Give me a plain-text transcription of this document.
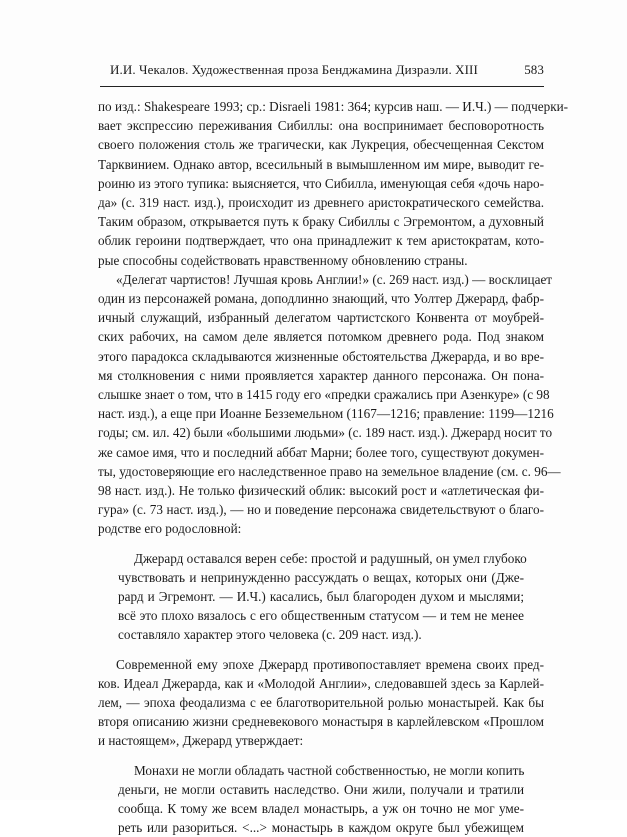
И.И. Чекалов. Художественная проза Бенджамина Дизраэли. XIII	583
по изд.: Shakespeare 1993; ср.: Disraeli 1981: 364; курсив наш. — И.Ч.) — подчерки-
вает экспрессию переживания Сибиллы: она воспринимает бесповоротность
своего положения столь же трагически, как Лукреция, обесчещенная Секстом
Тарквинием. Однако автор, всесильный в вымышленном им мире, выводит ге-
роиню из этого тупика: выясняется, что Сибилла, именующая себя «дочь наро-
да» (с. 319 наст. изд.), происходит из древнего аристократического семейства.
Таким образом, открывается путь к браку Сибиллы с Эгремонтом, а духовный
облик героини подтверждает, что она принадлежит к тем аристократам, кото-
рые способны содействовать нравственному обновлению страны.
«Делегат чартистов! Лучшая кровь Англии!» (с. 269 наст. изд.) — восклицает
один из персонажей романа, доподлинно знающий, что Уолтер Джерард, фабр-
ичный служащий, избранный делегатом чартистского Конвента от моубрей-
ских рабочих, на самом деле является потомком древнего рода. Под знаком
этого парадокса складываются жизненные обстоятельства Джерарда, и во вре-
мя столкновения с ними проявляется характер данного персонажа. Он пона-
слышке знает о том, что в 1415 году его «предки сражались при Азенкуре» (с 98
наст. изд.), а еще при Иоанне Безземельном (1167—1216; правление: 1199—1216
годы; см. ил. 42) были «большими людьми» (с. 189 наст. изд.). Джерард носит то
же самое имя, что и последний аббат Марни; более того, существуют докумен-
ты, удостоверяющие его наследственное право на земельное владение (см. с. 96—
98 наст. изд.). Не только физический облик: высокий рост и «атлетическая фи-
гура» (с. 73 наст. изд.), — но и поведение персонажа свидетельствуют о благо-
родстве его родословной:
Джерард оставался верен себе: простой и радушный, он умел глубоко
чувствовать и непринужденно рассуждать о вещах, которых они (Дже-
рард и Эгремонт. — И.Ч.) касались, был благороден духом и мыслями;
всё это плохо вязалось с его общественным статусом — и тем не менее
составляло характер этого человека (с. 209 наст. изд.).
Современной ему эпохе Джерард противопоставляет времена своих пред-
ков. Идеал Джерарда, как и «Молодой Англии», следовавшей здесь за Карлей-
лем, — эпоха феодализма с ее благотворительной ролью монастырей. Как бы
вторя описанию жизни средневекового монастыря в карлейлевском «Прошлом
и настоящем», Джерард утверждает:
Монахи не могли обладать частной собственностью, не могли копить
деньги, не могли оставить наследство. Они жили, получали и тратили
сообща. К тому же всем владел монастырь, а уж он точно не мог уме-
реть или разориться. <...> монастырь в каждом округе был убежищем
